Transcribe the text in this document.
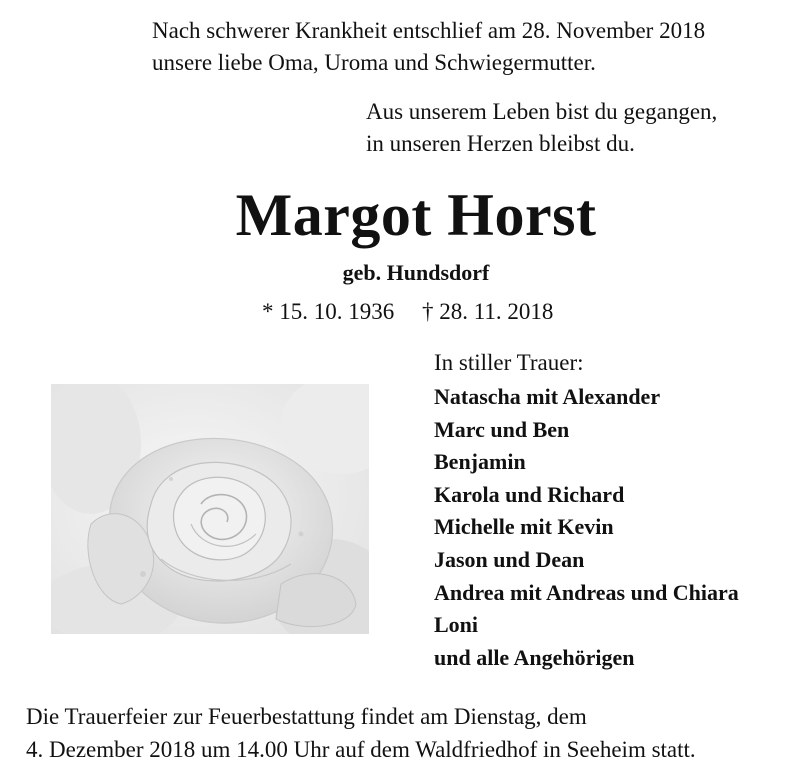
Nach schwerer Krankheit entschlief am 28. November 2018
unsere liebe Oma, Uroma und Schwiegermutter.
Aus unserem Leben bist du gegangen,
in unseren Herzen bleibst du.
Margot Horst
geb. Hundsdorf
* 15. 10. 1936 † 28. 11. 2018
In stiller Trauer:
Natascha mit Alexander
Marc und Ben
Benjamin
Karola und Richard
Michelle mit Kevin
Jason und Dean
Andrea mit Andreas und Chiara
Loni
und alle Angehörigen
Die Trauerfeier zur Feuerbestattung findet am Dienstag, dem
4. Dezember 2018 um 14.00 Uhr auf dem Waldfriedhof in Seeheim statt.
